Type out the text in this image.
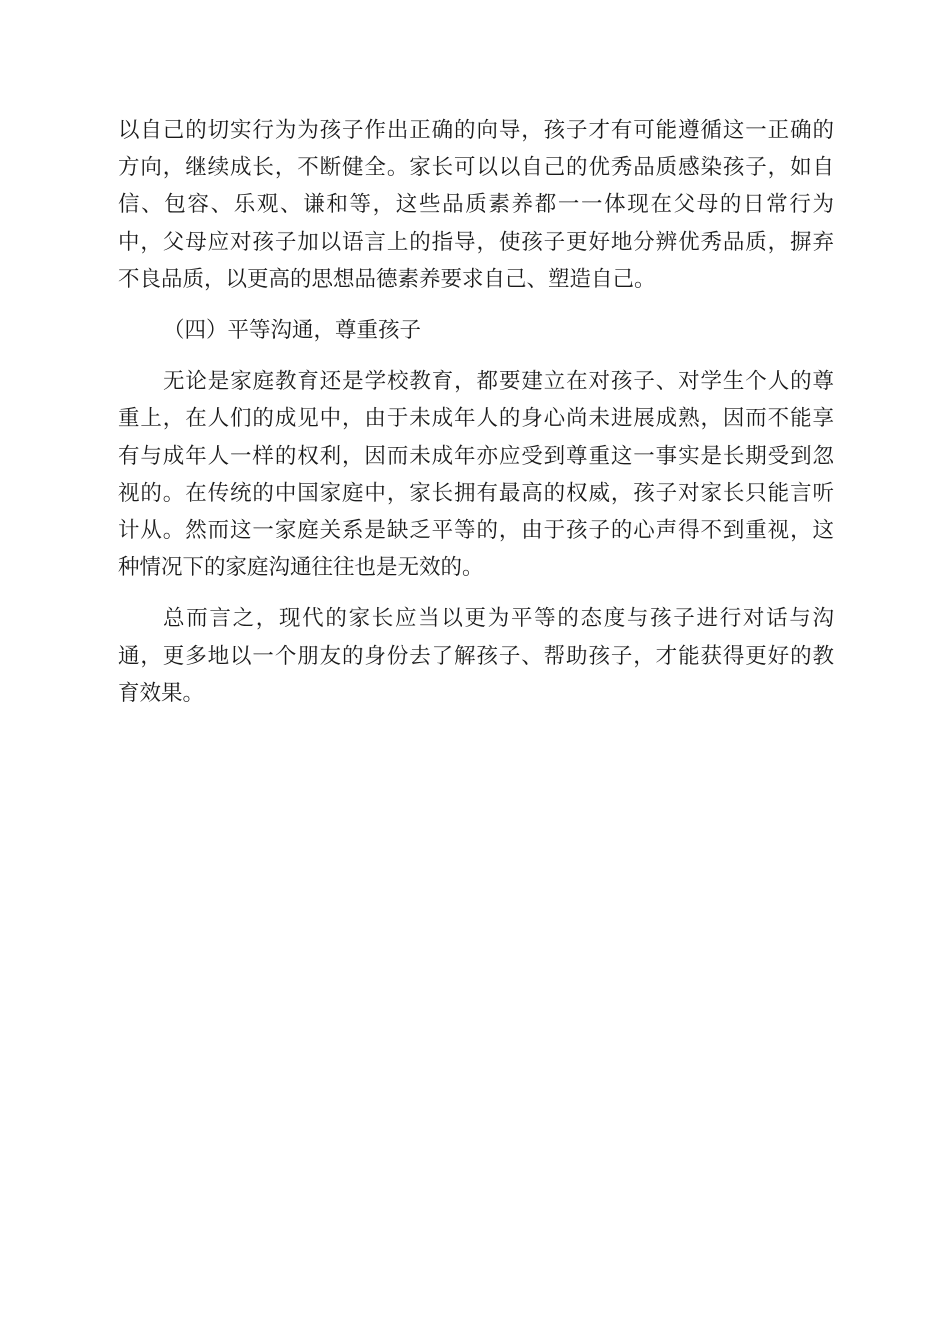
以自己的切实行为为孩子作出正确的向导，孩子才有可能遵循这一正确的
方向，继续成长，不断健全。家长可以以自己的优秀品质感染孩子，如自
信、包容、乐观、谦和等，这些品质素养都一一体现在父母的日常行为
中，父母应对孩子加以语言上的指导，使孩子更好地分辨优秀品质，摒弃
不良品质，以更高的思想品德素养要求自己、塑造自己。
（四）平等沟通，尊重孩子
无论是家庭教育还是学校教育，都要建立在对孩子、对学生个人的尊
重上，在人们的成见中，由于未成年人的身心尚未进展成熟，因而不能享
有与成年人一样的权利，因而未成年亦应受到尊重这一事实是长期受到忽
视的。在传统的中国家庭中，家长拥有最高的权威，孩子对家长只能言听
计从。然而这一家庭关系是缺乏平等的，由于孩子的心声得不到重视，这
种情况下的家庭沟通往往也是无效的。
总而言之，现代的家长应当以更为平等的态度与孩子进行对话与沟
通，更多地以一个朋友的身份去了解孩子、帮助孩子，才能获得更好的教
育效果。
